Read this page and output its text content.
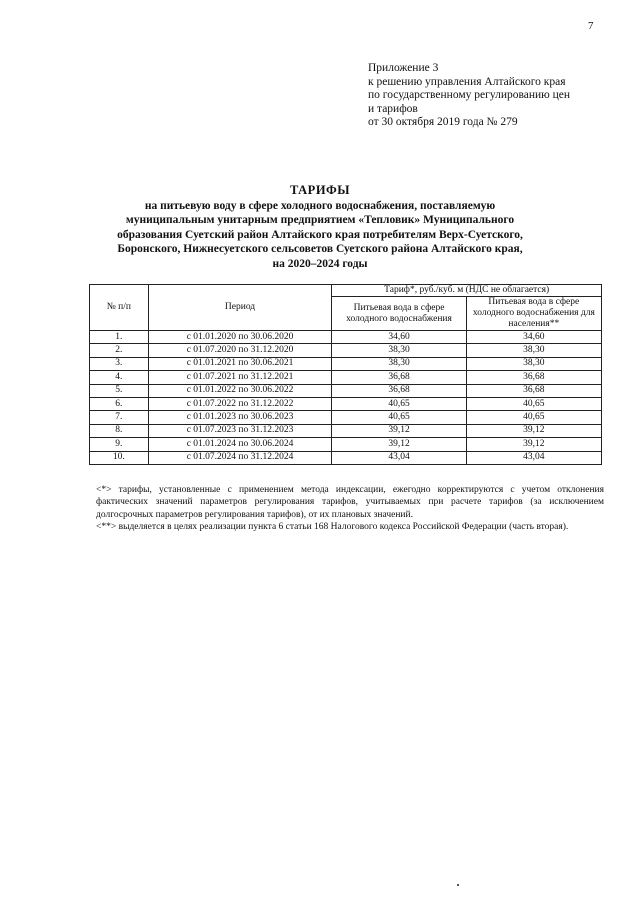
7
Приложение 3
к решению управления Алтайского края
по государственному регулированию цен
и тарифов
от 30 октября 2019 года № 279
ТАРИФЫ
на питьевую воду в сфере холодного водоснабжения, поставляемую
муниципальным унитарным предприятием «Тепловик» Муниципального
образования Суетский район Алтайского края потребителям Верх-Суетского,
Боронского, Нижнесуетского сельсоветов Суетского района Алтайского края,
на 2020–2024 годы
№ п/п	Период	Тариф*, руб./куб. м (НДС не облагается)	
		Питьевая вода в сфере холодного водоснабжения	Питьевая вода в сфере холодного водоснабжения для населения**
1.	с 01.01.2020 по 30.06.2020	34,60	34,60
2.	с 01.07.2020 по 31.12.2020	38,30	38,30
3.	с 01.01.2021 по 30.06.2021	38,30	38,30
4.	с 01.07.2021 по 31.12.2021	36,68	36,68
5.	с 01.01.2022 по 30.06.2022	36,68	36,68
6.	с 01.07.2022 по 31.12.2022	40,65	40,65
7.	с 01.01.2023 по 30.06.2023	40,65	40,65
8.	с 01.07.2023 по 31.12.2023	39,12	39,12
9.	с 01.01.2024 по 30.06.2024	39,12	39,12
10.	с 01.07.2024 по 31.12.2024	43,04	43,04

<*> тарифы, установленные с применением метода индексации, ежегодно корректируются с учетом отклонения фактических значений параметров регулирования тарифов, учитываемых при расчете тарифов (за исключением долгосрочных параметров регулирования тарифов), от их плановых значений.

<**> выделяется в целях реализации пункта 6 статьи 168 Налогового кодекса Российской Федерации (часть вторая).
